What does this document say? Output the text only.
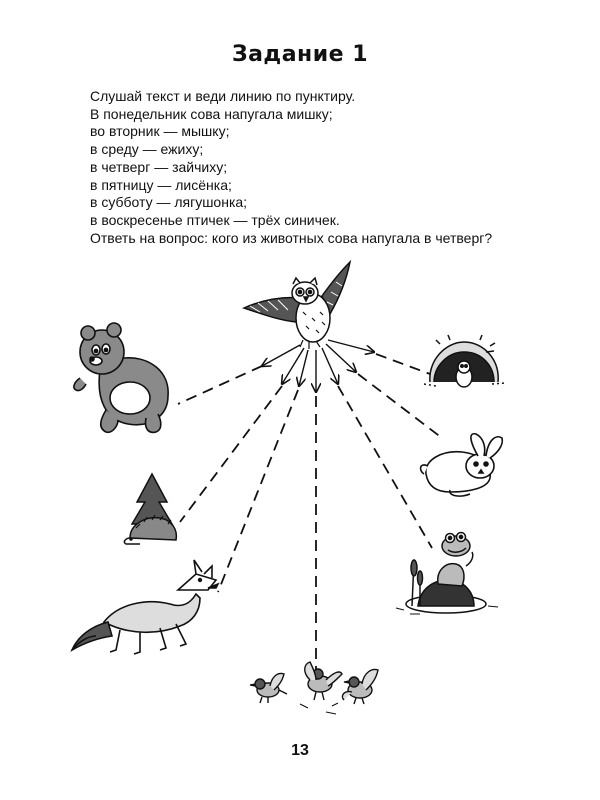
Задание 1
Слушай текст и веди линию по пунктиру.
В понедельник сова напугала мишку;
во вторник — мышку;
в среду — ежиху;
в четверг — зайчиху;
в пятницу — лисёнка;
в субботу — лягушонка;
в воскресенье птичек — трёх синичек.
Ответь на вопрос: кого из животных сова напугала в четверг?
13
